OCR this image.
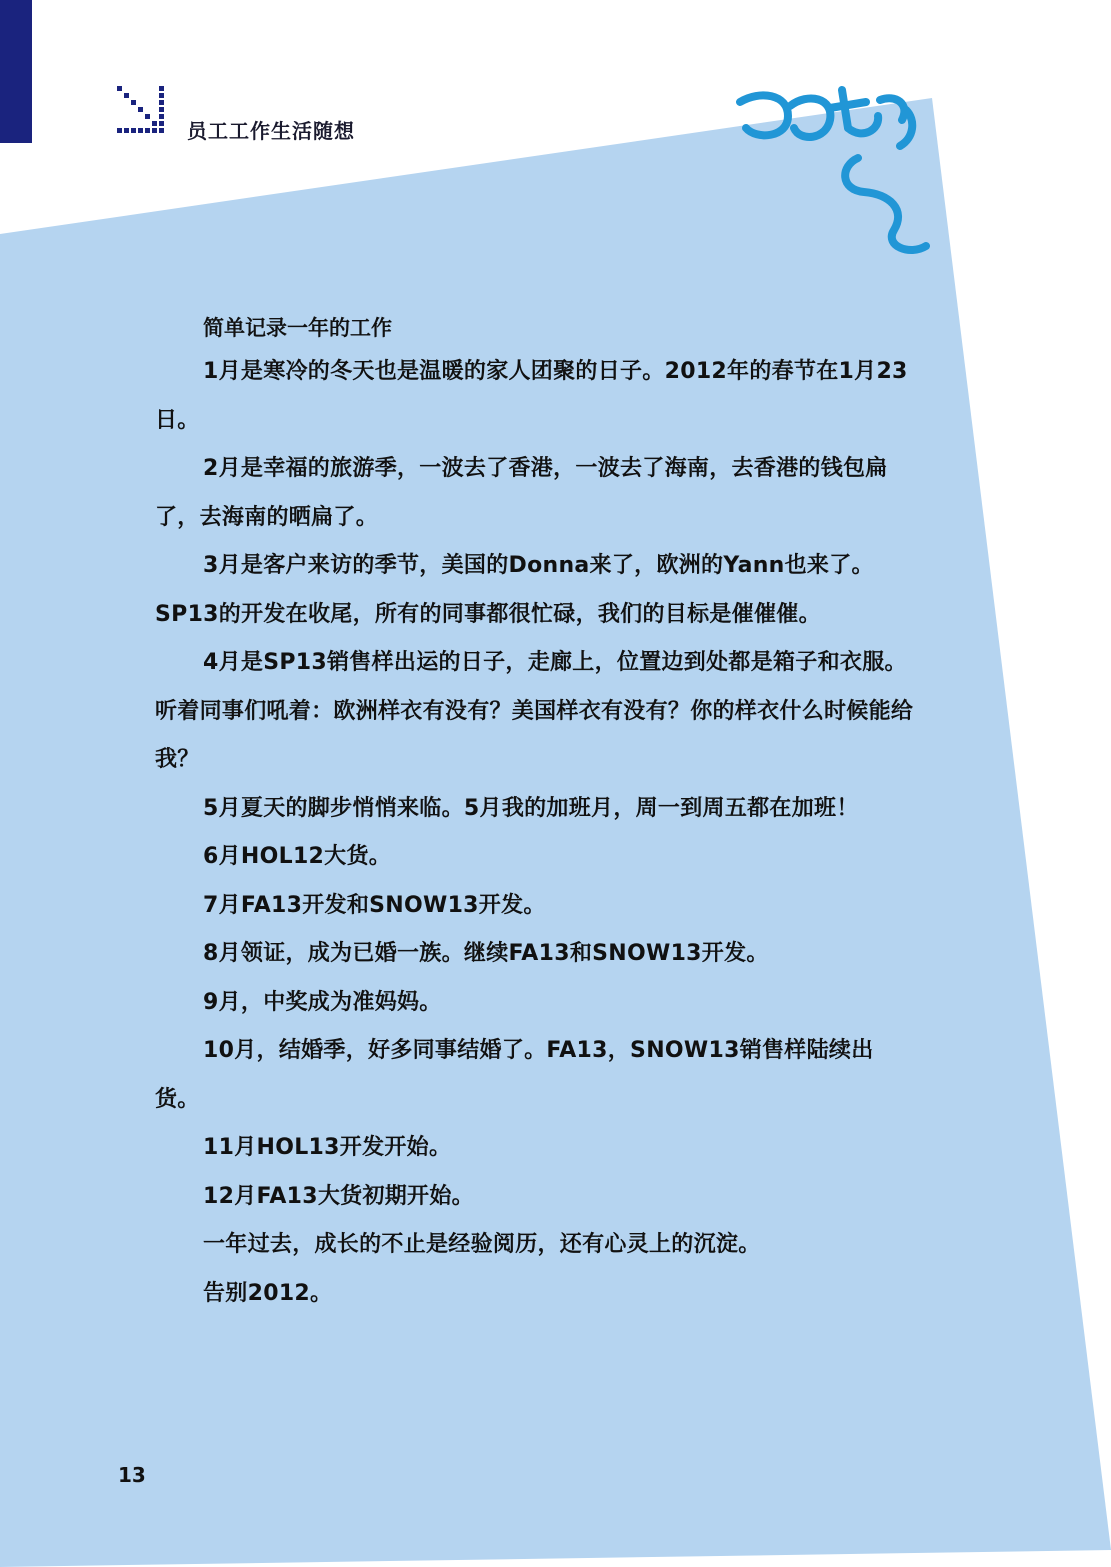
员工工作生活随想
简单记录一年的工作

1月是寒冷的冬天也是温暖的家人团聚的日子。2012年的春节在1月23日。

2月是幸福的旅游季，一波去了香港，一波去了海南，去香港的钱包扁了，去海南的晒扁了。

3月是客户来访的季节，美国的Donna来了，欧洲的Yann也来了。SP13的开发在收尾，所有的同事都很忙碌，我们的目标是催催催。

4月是SP13销售样出运的日子，走廊上，位置边到处都是箱子和衣服。听着同事们吼着：欧洲样衣有没有？美国样衣有没有？你的样衣什么时候能给我？

5月夏天的脚步悄悄来临。5月我的加班月，周一到周五都在加班！

6月HOL12大货。

7月FA13开发和SNOW13开发。

8月领证，成为已婚一族。继续FA13和SNOW13开发。

9月，中奖成为准妈妈。

10月，结婚季，好多同事结婚了。FA13，SNOW13销售样陆续出货。

11月HOL13开发开始。

12月FA13大货初期开始。

一年过去，成长的不止是经验阅历，还有心灵上的沉淀。

告别2012。

13
